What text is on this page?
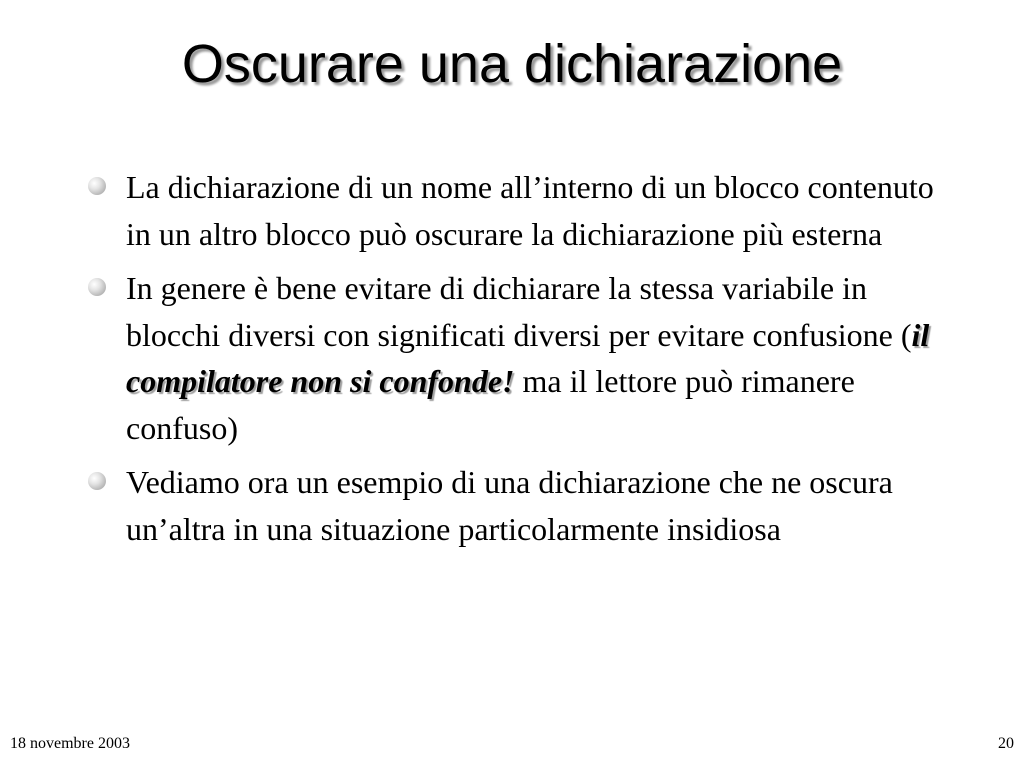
Oscurare una dichiarazione
La dichiarazione di un nome all’interno di un blocco contenuto in un altro blocco può oscurare la dichiarazione più esterna
In genere è bene evitare di dichiarare la stessa variabile in blocchi diversi con significati diversi per evitare confusione (il compilatore non si confonde! ma il lettore può rimanere confuso)
Vediamo ora un esempio di una dichiarazione che ne oscura un’altra in una situazione particolarmente insidiosa
18 novembre 2003	20
